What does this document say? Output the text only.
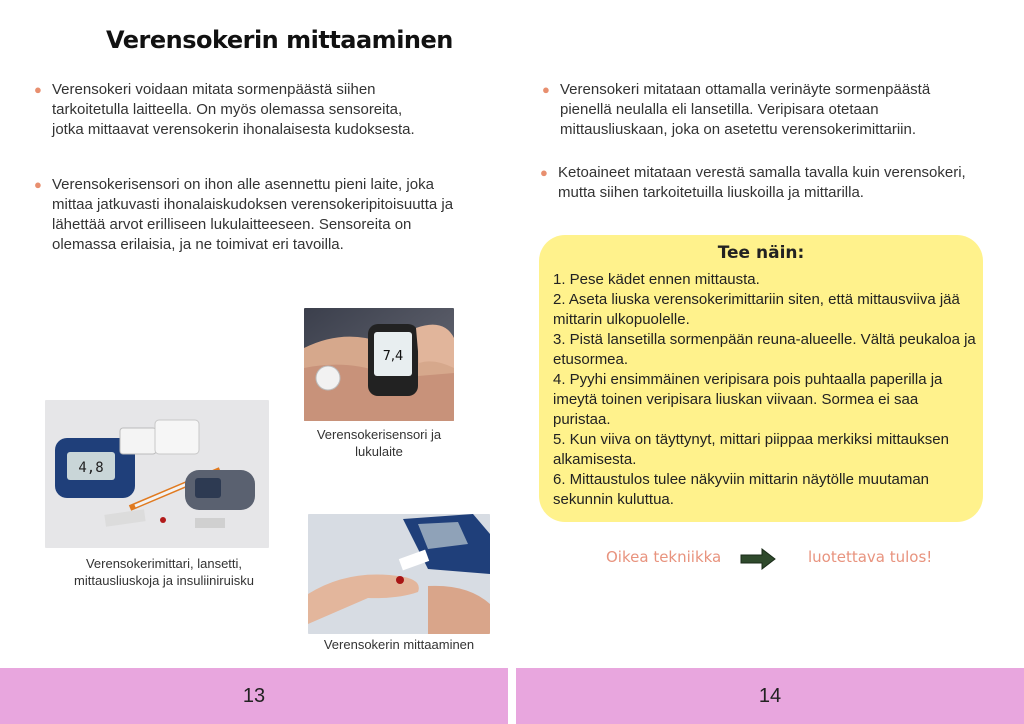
Verensokerin mittaaminen
● Verensokeri voidaan mitata sormenpäästä siihen tarkoitetulla laitteella. On myös olemassa sensoreita, jotka mittaavat verensokerin ihonalaisesta kudoksesta.

● Verensokerisensori on ihon alle asennettu pieni laite, joka mittaa jatkuvasti ihonalaiskudoksen verensokeripitoisuutta ja lähettää arvot erilliseen lukulaitteeseen. Sensoreita on olemassa erilaisia, ja ne toimivat eri tavoilla.

7,4
Verensokerisensori ja lukulaite
4,8
Verensokerimittari, lansetti, mittausliuskoja ja insuliiniruisku
Verensokerin mittaaminen
● Verensokeri mitataan ottamalla verinäyte sormenpäästä pienellä neulalla eli lansetilla. Veripisara otetaan mittausliuskaan, joka on asetettu verensokerimittariin.

● Ketoaineet mitataan verestä samalla tavalla kuin verensokeri, mutta siihen tarkoitetuilla liuskoilla ja mittarilla.

Tee näin:
1. Pese kädet ennen mittausta.
2. Aseta liuska verensokerimittariin siten, että mittausviiva jää mittarin ulkopuolelle.
3. Pistä lansetilla sormenpään reuna-alueelle. Vältä peukaloa ja etusormea.
4. Pyyhi ensimmäinen veripisara pois puhtaalla paperilla ja imeytä toinen veripisara liuskan viivaan. Sormea ei saa puristaa.
5. Kun viiva on täyttynyt, mittari piippaa merkiksi mittauksen alkamisesta.
6. Mittaustulos tulee näkyviin mittarin näytölle muutaman sekunnin kuluttua.
Oikea tekniikka	luotettava tulos!
13	14
